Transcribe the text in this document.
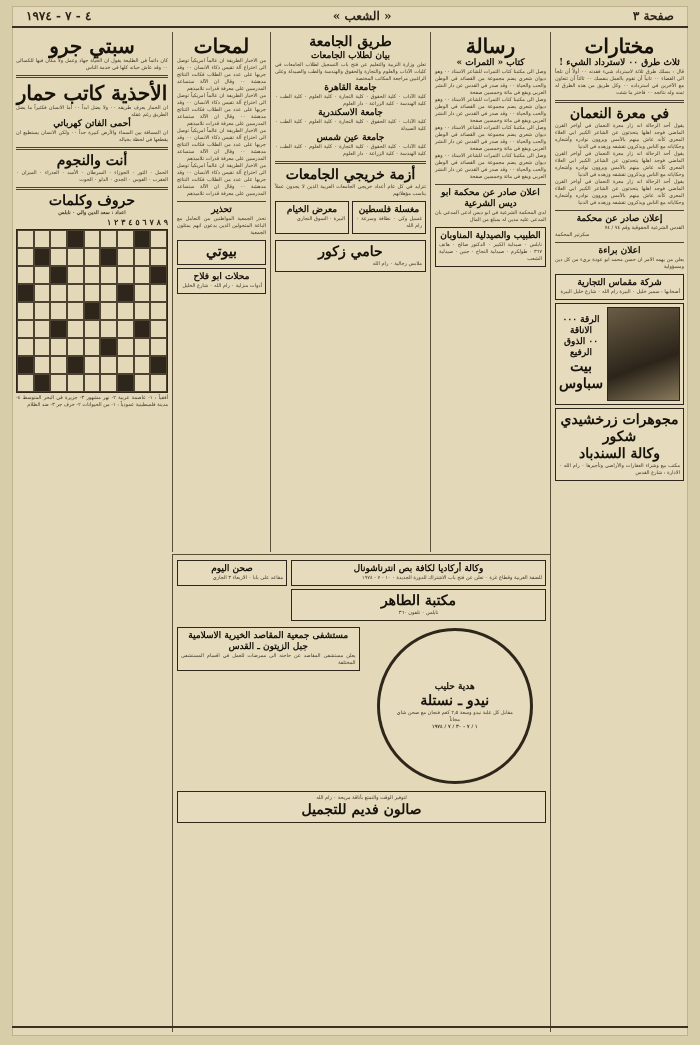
صفحة ٣
« الشعب »
٤ - ٧ - ١٩٧٤
مختارات
ثلاث طرق ٠٠ لاسترداد الشيء !
قال : بسلك طرق ثلاثة لاسترداد شيء فقدته ٠٠ أولاً أن تلجأ الى القضاء ٠٠ ثانياً أن تقوم بالعمل بنفسك ٠٠ ثالثاً أن تتعاون مع الآخرين في استرداده ٠٠ وكل طريق من هذه الطرق له ثمنه وله نتائجه ٠٠ فاختر ما شئت
في معرة النعمان
يقول أحد الرحالة انه زار معرة النعمان في أواخر القرن الماضي فوجد اهلها يتحدثون عن الشاعر الكبير ابي العلاء المعري كأنه عاش بينهم بالأمس ويروون نوادره وأشعاره وحكاياته مع الناس ويذكرون تقشفه وزهده في الدنيا
يقول أحد الرحالة انه زار معرة النعمان في أواخر القرن الماضي فوجد اهلها يتحدثون عن الشاعر الكبير ابي العلاء المعري كأنه عاش بينهم بالأمس ويروون نوادره وأشعاره وحكاياته مع الناس ويذكرون تقشفه وزهده في الدنيا
يقول أحد الرحالة انه زار معرة النعمان في أواخر القرن الماضي فوجد اهلها يتحدثون عن الشاعر الكبير ابي العلاء المعري كأنه عاش بينهم بالأمس ويروون نوادره وأشعاره وحكاياته مع الناس ويذكرون تقشفه وزهده في الدنيا
إعلان صادر عن محكمة
القدس الشرعية الحقوقية وقم ٧٤ / ٧٤
سكرتير المحكمة
اعلان براءة
يعلن من يهمه الامر ان حسن محمد ابو عودة بريء من كل دين ومسؤولية
شركة مقماس التجارية
أصحابها : سمير خليل ٠ البيرة رام الله ٠ شارع خليل البيرة
الرقة ٠٠٠ الاناقة
٠٠ الذوق الرفيع
بيت سباوس
مجوهرات زرخشيدي شكور
وكالة السندباد
مكتب بيع وشراء العقارات والأراضي وتأجيرها ٠ رام الله ٠ الادارة : شارع القدس
رسالة
كتاب « الثمرات »
وصل الى مكتبنا كتاب الثمرات للشاعر الاستاذ ٠٠ وهو ديوان شعري يضم مجموعة من القصائد في الوطن والحب والحياة ٠٠ وقد صدر في القدس عن دار النشر العربي ويقع في مائة وخمسين صفحة
وصل الى مكتبنا كتاب الثمرات للشاعر الاستاذ ٠٠ وهو ديوان شعري يضم مجموعة من القصائد في الوطن والحب والحياة ٠٠ وقد صدر في القدس عن دار النشر العربي ويقع في مائة وخمسين صفحة
وصل الى مكتبنا كتاب الثمرات للشاعر الاستاذ ٠٠ وهو ديوان شعري يضم مجموعة من القصائد في الوطن والحب والحياة ٠٠ وقد صدر في القدس عن دار النشر العربي ويقع في مائة وخمسين صفحة
وصل الى مكتبنا كتاب الثمرات للشاعر الاستاذ ٠٠ وهو ديوان شعري يضم مجموعة من القصائد في الوطن والحب والحياة ٠٠ وقد صدر في القدس عن دار النشر العربي ويقع في مائة وخمسين صفحة
اعلان صادر عن محكمة ابو ديس الشرعية
لدى المحكمة الشرعية في ابو ديس ادعى المدعي بان المدعى عليه مدين له بمبلغ من المال
الطبيب والصيدلية المناوبان
نابلس ٠ صيدلية الكبير ٠ الدكتور صالح ٠ هاتف ٣٦٧ ٠ طولكرم ٠ صيدلية النجاح ٠ جنين ٠ صيدلية الشعب
طريق الجامعة
بيان لطلاب الجامعات
تعلن وزارة التربية والتعليم عن فتح باب التسجيل لطلاب الجامعات في كليات الآداب والعلوم والتجارة والحقوق والهندسة والطب والصيدلة وعلى الراغبين مراجعة المكاتب المختصة
جامعة القاهرة
كلية الآداب ٠ كلية الحقوق ٠ كلية التجارة ٠ كلية العلوم ٠ كلية الطب ٠ كلية الهندسة ٠ كلية الزراعة ٠ دار العلوم
جامعة الاسكندرية
كلية الآداب ٠ كلية الحقوق ٠ كلية التجارة ٠ كلية العلوم ٠ كلية الطب ٠ كلية الصيدلة
جامعة عين شمس
كلية الآداب ٠ كلية الحقوق ٠ كلية التجارة ٠ كلية العلوم ٠ كلية الطب ٠ كلية الهندسة ٠ كلية الزراعة ٠ دار العلوم
أزمة خريجي الجامعات
تتزايد في كل عام أعداد خريجي الجامعات العربية الذين لا يجدون عملاً يناسب مؤهلاتهم
مغسلة فلسطين
غسيل وكي ٠ نظافة وسرعة ٠ رام الله
معرض الخيام
البيرة ٠ السوق التجاري
حامي زكور
ملابس رجالية ٠ رام الله
لمحات
من الاخبار الطريفة ان عالماً امريكياً توصل الى اختراع آلة تقيس ذكاء الانسان ٠٠ وقد جربها على عدد من الطلاب فكانت النتائج مدهشة ٠٠ وقال ان الآلة ستساعد المدرسين على معرفة قدرات تلاميذهم
من الاخبار الطريفة ان عالماً امريكياً توصل الى اختراع آلة تقيس ذكاء الانسان ٠٠ وقد جربها على عدد من الطلاب فكانت النتائج مدهشة ٠٠ وقال ان الآلة ستساعد المدرسين على معرفة قدرات تلاميذهم
من الاخبار الطريفة ان عالماً امريكياً توصل الى اختراع آلة تقيس ذكاء الانسان ٠٠ وقد جربها على عدد من الطلاب فكانت النتائج مدهشة ٠٠ وقال ان الآلة ستساعد المدرسين على معرفة قدرات تلاميذهم
من الاخبار الطريفة ان عالماً امريكياً توصل الى اختراع آلة تقيس ذكاء الانسان ٠٠ وقد جربها على عدد من الطلاب فكانت النتائج مدهشة ٠٠ وقال ان الآلة ستساعد المدرسين على معرفة قدرات تلاميذهم
تحذير
تحذر الجمعية المواطنين من التعامل مع الباعة المتجولين الذين يدعون انهم يمثلون الجمعية
بيوتي
محلات ابو فلاح
أدوات منزلية ٠ رام الله ٠ شارع الخليل
سبتي جرو
كان دائماً في الطليعة يقول ان الحياة جهاد وعمل ولا مكان فيها للكسالى ٠٠ وقد عاش حياته كلها في خدمة الناس
الأحذية كاتب حمار
ان الحمار يعرف طريقه ٠٠ ولا يضل ابداً ٠٠ أما الانسان فكثيراً ما يضل الطريق رغم عقله
أحمى الفاتن كهرباتي
ان المسافة بين السماء والأرض كبيرة جداً ٠٠ ولكن الانسان يستطيع ان يقطعها في لحظة بخياله
أنت والنجوم
الحمل ٠ الثور ٠ الجوزاء ٠ السرطان ٠ الأسد ٠ العذراء ٠ الميزان ٠ العقرب ٠ القوس ٠ الجدي ٠ الدلو ٠ الحوت
حروف وكلمات
اعداد : سعد الدين والي ٠ نابلس
٩ ٨ ٧ ٦ ٥ ٤ ٣ ٢ ١
أفقياً : ١- عاصمة عربية ٢- نهر مشهور ٣- جزيرة في البحر المتوسط ٤- مدينة فلسطينية عمودياً : ١- من الحيوانات ٢- حرف جر ٣- ضد الظلام
وكالة أركاديا لكافة بص انترناشونال
للضفة الغربية وقطاع غزة ٠ تعلن عن فتح باب الاشتراك للدورة الجديدة ٠ ١٠ - ٧ - ١٩٧٤
مكتبة الطاهر
نابلس ٠ تلفون ٣٦٠
صحن اليوم
مقاعد على بابا ٠ الاربعاء ٣ الجاري
هدية حليب
نيدو ـ نستلة
مقابل كل علبة نيدو وسعة ٢٫٥ كغم فنجان مع صحن شاي مجاناً
١ / ٧ - ٣٠ / ٧ / ١٩٧٤
مستشفى جمعية المقاصد الخيرية الاسلامية
جبل الزيتون ـ القدس
يعلن مستشفى المقاصد عن حاجته الى ممرضات للعمل في اقسام المستشفى المختلفة
لتوفير الوقت والتمتع بأناقة مريحة ٠ رام الله
صالون فديم للتجميل
